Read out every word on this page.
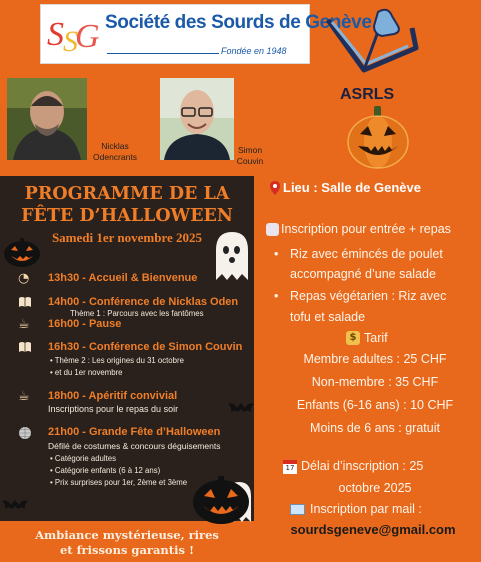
S S
G Société des Sourds de Genève
Fondée en 1948
ASRLS
Nicklas
Odencrants
Simon
Couvin
PROGRAMME DE LA
FÊTE D’HALLOWEEN
Samedi 1er novembre 2025
◔ 13h30 - Accueil & Bienvenue
14h00 - Conférence de Nicklas Oden
Thème 1 : Parcours avec les fantômes
☕ 16h00 - Pause
16h30 - Conférence de Simon Couvin
• Thème 2 : Les origines du 31 octobre
• et du 1er novembre
☕ 18h00 - Apéritif convivial
Inscriptions pour le repas du soir
21h00 - Grande Fête d’Halloween
Défilé de costumes & concours déguisements
• Catégorie adultes
• Catégorie enfants (6 à 12 ans)
• Prix surprises pour 1er, 2ème et 3ème
Ambiance mystérieuse, rires
et frissons garantis !
Lieu : Salle de Genève
Inscription pour entrée + repas
• Riz avec émincés de poulet
accompagné d’une salade
• Repas végétarien : Riz avec
tofu et salade
$ Tarif
Membre adultes : 25 CHF
Non-membre : 35 CHF
Enfants (6-16 ans) : 10 CHF
Moins de 6 ans : gratuit
17 Délai d’inscription : 25
octobre 2025
Inscription par mail :
sourdsgeneve@gmail.com
